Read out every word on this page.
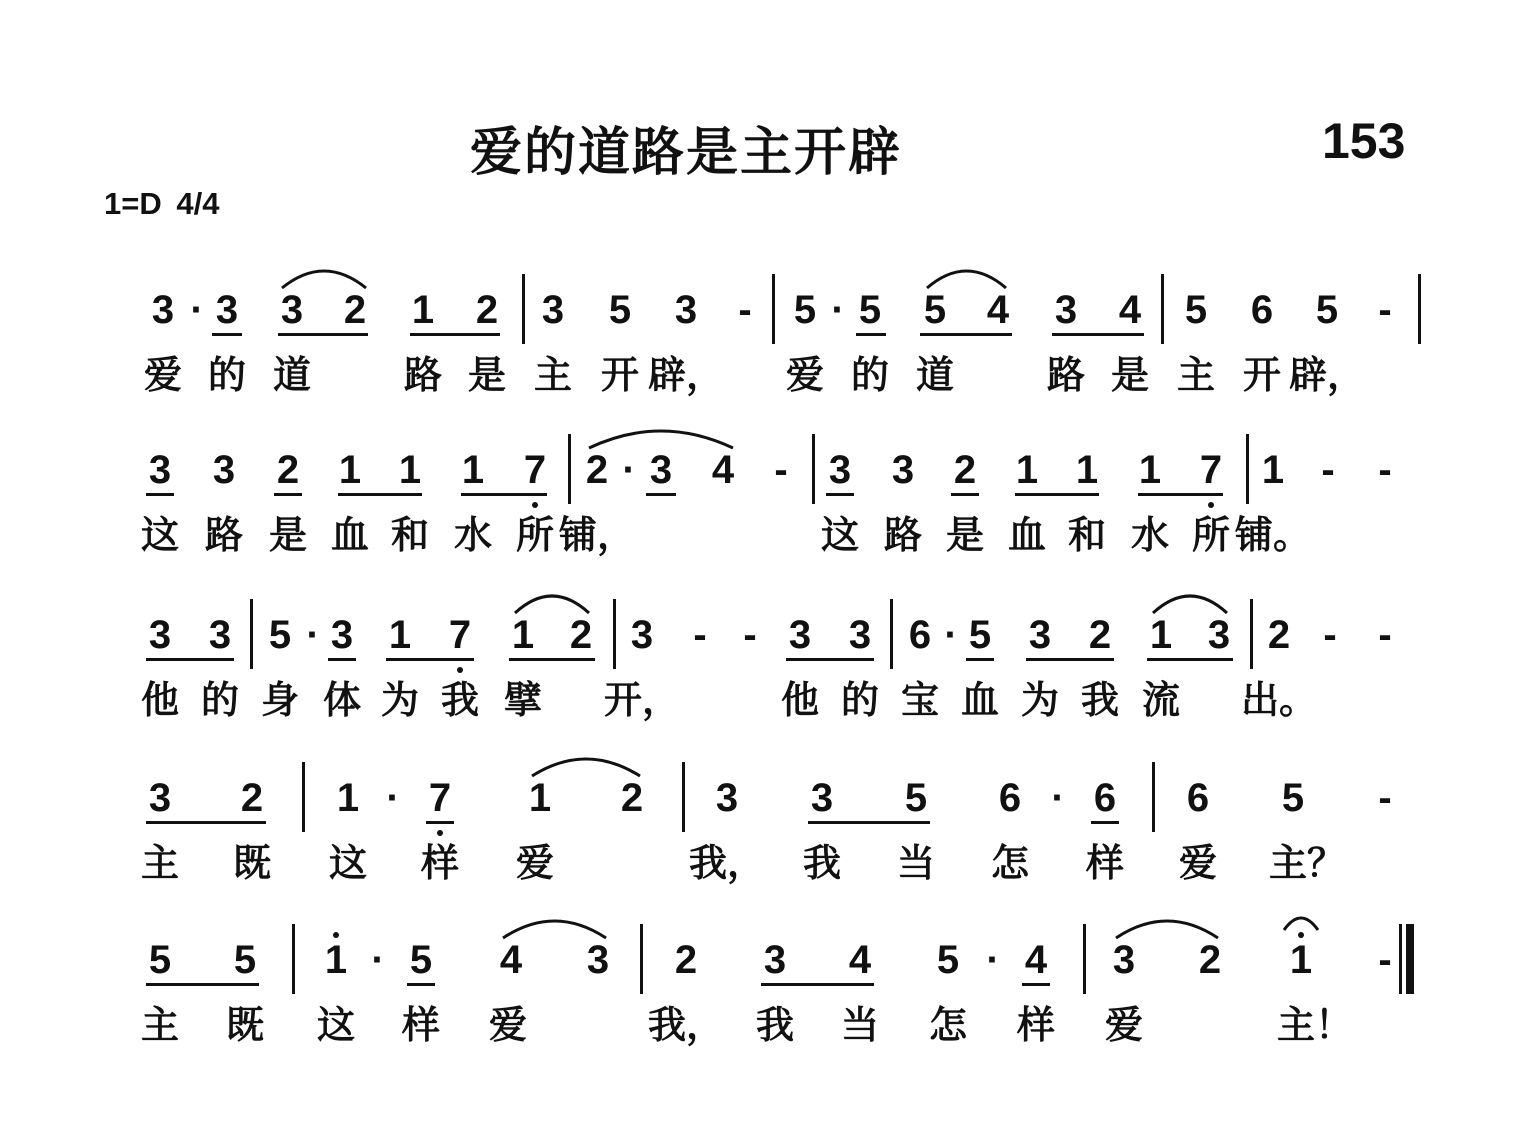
爱的道路是主开辟	153
1=D 4/4
3 · 3 3 2 1 2 3 5 3 - 5 · 5 5 4 3 4 5 6 5 -
爱 的 道 路 是 主 开 辟， 爱 的 道 路 是 主 开 辟，
3 3 2 1 1 1 7 2 · 3 4 - 3 3 2 1 1 1 7 1 - -
这 路 是 血 和 水 所 铺，	这 路 是 血 和 水 所 铺。
3 3 5 · 3 1 7 1 2 3 - - 3 3 6 · 5 3 2 1 3 2 - -
他 的 身 体 为 我 擘 开，	他 的 宝 血 为 我 流 出。
3 2 1 · 7 1 2 3 3 5 6 · 6 6 5 -
主 既 这 样 爱	我， 我 当 怎 样 爱 主？
5 5 1 · 5 4 3 2 3 4 5 · 4 3 2 1 -
主 既 这 样 爱	我， 我 当 怎 样 爱	主！
